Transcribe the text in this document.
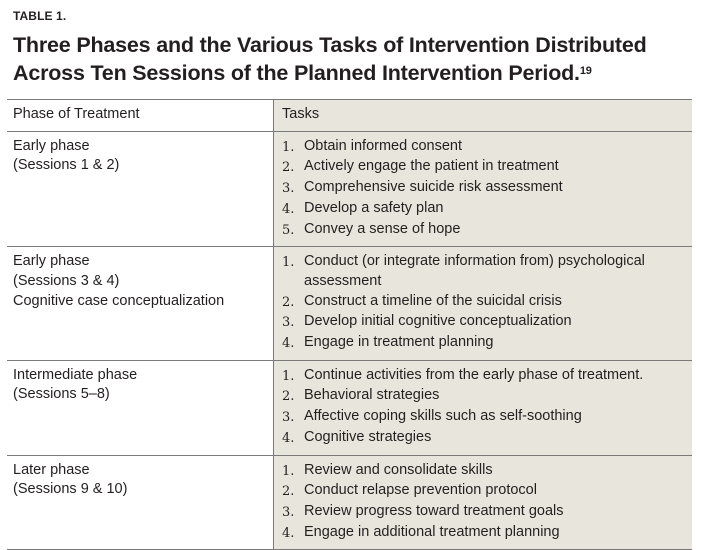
TABLE 1.
Three Phases and the Various Tasks of Intervention Distributed Across Ten Sessions of the Planned Intervention Period.$^{19}$
Phase of Treatment	Tasks
Early phase
(Sessions 1 & 2)
1. Obtain informed consent
2. Actively engage the patient in treatment
3. Comprehensive suicide risk assessment
4. Develop a safety plan
5. Convey a sense of hope
Early phase
(Sessions 3 & 4)
Cognitive case conceptualization
1. Conduct (or integrate information from) psychological assessment
2. Construct a timeline of the suicidal crisis
3. Develop initial cognitive conceptualization
4. Engage in treatment planning
Intermediate phase
(Sessions 5–8)
1. Continue activities from the early phase of treatment.
2. Behavioral strategies
3. Affective coping skills such as self-soothing
4. Cognitive strategies
Later phase
(Sessions 9 & 10)
1. Review and consolidate skills
2. Conduct relapse prevention protocol
3. Review progress toward treatment goals
4. Engage in additional treatment planning
